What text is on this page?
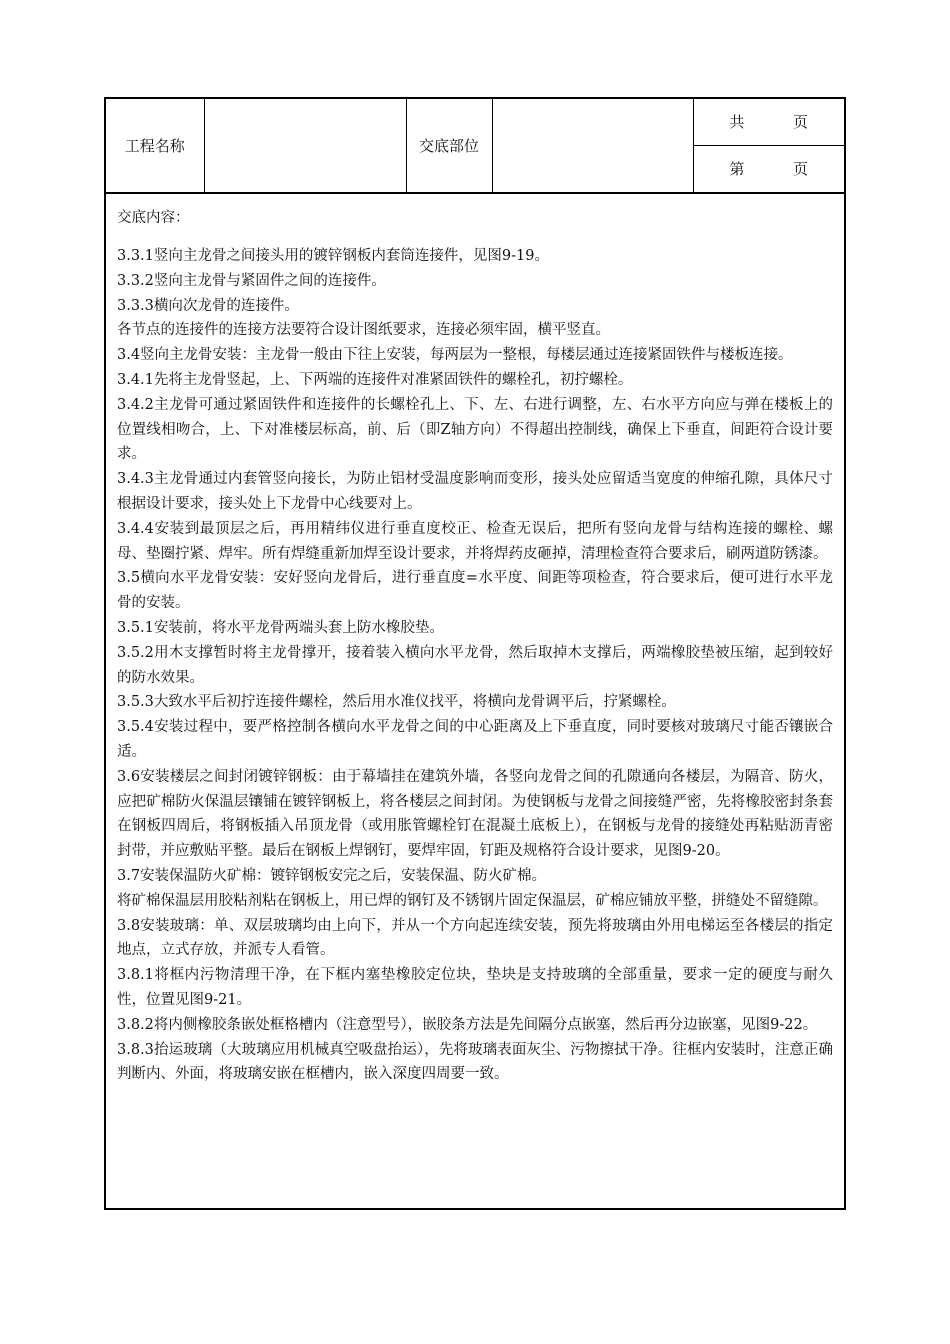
工程名称		交底部位		
共	页

第	页
交底内容：

3.3.1竖向主龙骨之间接头用的镀锌钢板内套筒连接件，见图9-19。

3.3.2竖向主龙骨与紧固件之间的连接件。

3.3.3横向次龙骨的连接件。

各节点的连接件的连接方法要符合设计图纸要求，连接必须牢固，横平竖直。

3.4竖向主龙骨安装：主龙骨一般由下往上安装，每两层为一整根，每楼层通过连接紧固铁件与楼板连接。

3.4.1先将主龙骨竖起，上、下两端的连接件对准紧固铁件的螺栓孔，初拧螺栓。

3.4.2主龙骨可通过紧固铁件和连接件的长螺栓孔上、下、左、右进行调整，左、右水平方向应与弹在楼板上的位置线相吻合，上、下对准楼层标高，前、后（即Z轴方向）不得超出控制线，确保上下垂直，间距符合设计要求。

3.4.3主龙骨通过内套管竖向接长，为防止铝材受温度影响而变形，接头处应留适当宽度的伸缩孔隙，具体尺寸根据设计要求，接头处上下龙骨中心线要对上。

3.4.4安装到最顶层之后，再用精纬仪进行垂直度校正、检查无误后，把所有竖向龙骨与结构连接的螺栓、螺母、垫圈拧紧、焊牢。所有焊缝重新加焊至设计要求，并将焊药皮砸掉，清理检查符合要求后，刷两道防锈漆。

3.5横向水平龙骨安装：安好竖向龙骨后，进行垂直度=水平度、间距等项检查，符合要求后，便可进行水平龙骨的安装。

3.5.1安装前，将水平龙骨两端头套上防水橡胶垫。

3.5.2用木支撑暂时将主龙骨撑开，接着装入横向水平龙骨，然后取掉木支撑后，两端橡胶垫被压缩，起到较好的防水效果。

3.5.3大致水平后初拧连接件螺栓，然后用水准仪找平，将横向龙骨调平后，拧紧螺栓。

3.5.4安装过程中，要严格控制各横向水平龙骨之间的中心距离及上下垂直度，同时要核对玻璃尺寸能否镶嵌合适。

3.6安装楼层之间封闭镀锌钢板：由于幕墙挂在建筑外墙，各竖向龙骨之间的孔隙通向各楼层，为隔音、防火，应把矿棉防火保温层镶铺在镀锌钢板上，将各楼层之间封闭。为使钢板与龙骨之间接缝严密，先将橡胶密封条套在钢板四周后，将钢板插入吊顶龙骨（或用胀管螺栓钉在混凝土底板上），在钢板与龙骨的接缝处再粘贴沥青密封带，并应敷贴平整。最后在钢板上焊钢钉，要焊牢固，钉距及规格符合设计要求，见图9-20。

3.7安装保温防火矿棉：镀锌钢板安完之后，安装保温、防火矿棉。

将矿棉保温层用胶粘剂粘在钢板上，用已焊的钢钉及不锈钢片固定保温层，矿棉应铺放平整，拼缝处不留缝隙。

3.8安装玻璃：单、双层玻璃均由上向下，并从一个方向起连续安装，预先将玻璃由外用电梯运至各楼层的指定地点，立式存放，并派专人看管。

3.8.1将框内污物清理干净，在下框内塞垫橡胶定位块，垫块是支持玻璃的全部重量，要求一定的硬度与耐久性，位置见图9-21。

3.8.2将内侧橡胶条嵌处框格槽内（注意型号），嵌胶条方法是先间隔分点嵌塞，然后再分边嵌塞，见图9-22。

3.8.3抬运玻璃（大玻璃应用机械真空吸盘抬运），先将玻璃表面灰尘、污物擦拭干净。往框内安装时，注意正确判断内、外面，将玻璃安嵌在框槽内，嵌入深度四周要一致。
